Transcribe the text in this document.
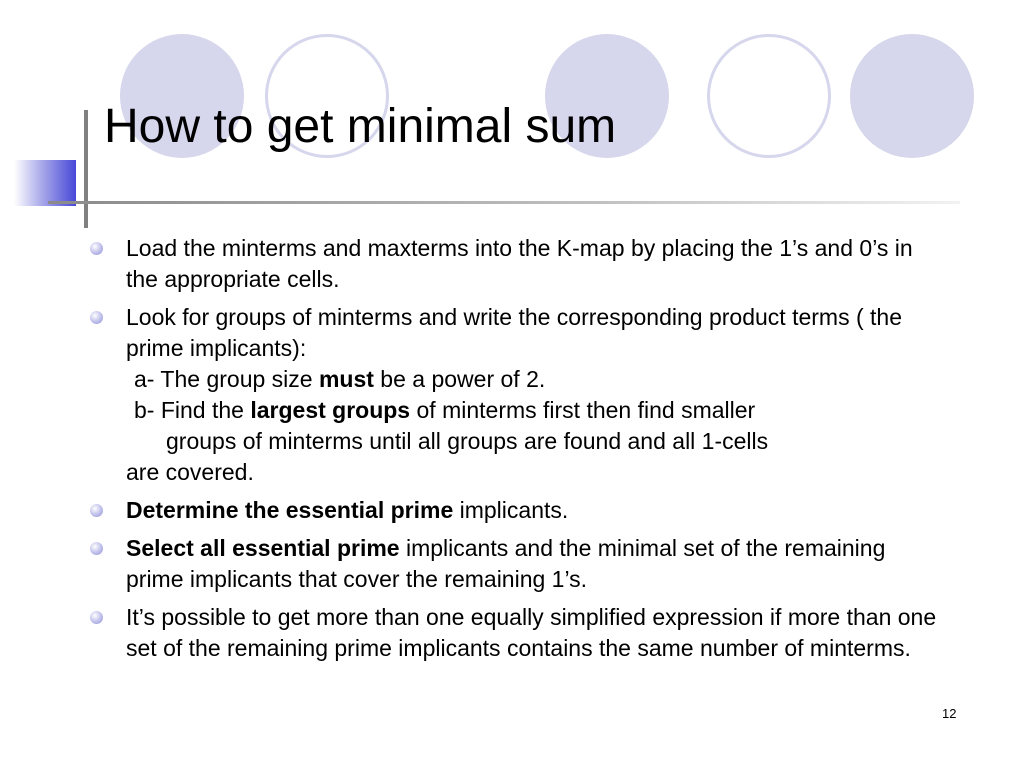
How to get minimal sum
Load the minterms and maxterms into the K-map by placing the 1’s and 0’s in the appropriate cells.
Look for groups of minterms and write the corresponding product terms ( the prime implicants):
a- The group size must be a power of 2.
b- Find the largest groups of minterms first then find smaller
groups of minterms until all groups are found and all 1-cells
are covered.
Determine the essential prime implicants.
Select all essential prime implicants and the minimal set of the remaining prime implicants that cover the remaining 1’s.
It’s possible to get more than one equally simplified expression if more than one set of the remaining prime implicants contains the same number of minterms.
12
